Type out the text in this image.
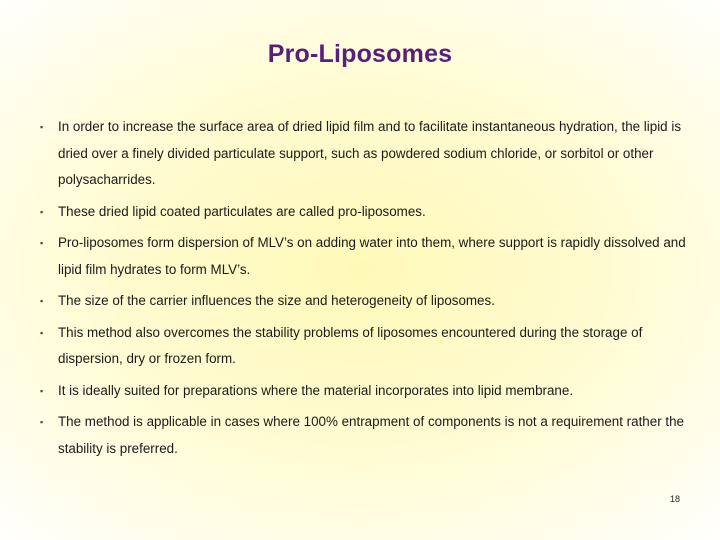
Pro-Liposomes
▪ In order to increase the surface area of dried lipid film and to facilitate instantaneous hydration, the lipid is dried over a finely divided particulate support, such as powdered sodium chloride, or sorbitol or other polysacharrides.
▪ These dried lipid coated particulates are called pro-liposomes.
▪ Pro-liposomes form dispersion of MLV’s on adding water into them, where support is rapidly dissolved and lipid film hydrates to form MLV’s.
▪ The size of the carrier influences the size and heterogeneity of liposomes.
▪ This method also overcomes the stability problems of liposomes encountered during the storage of dispersion, dry or frozen form.
▪ It is ideally suited for preparations where the material incorporates into lipid membrane.
▪ The method is applicable in cases where 100% entrapment of components is not a requirement rather the stability is preferred.
18
